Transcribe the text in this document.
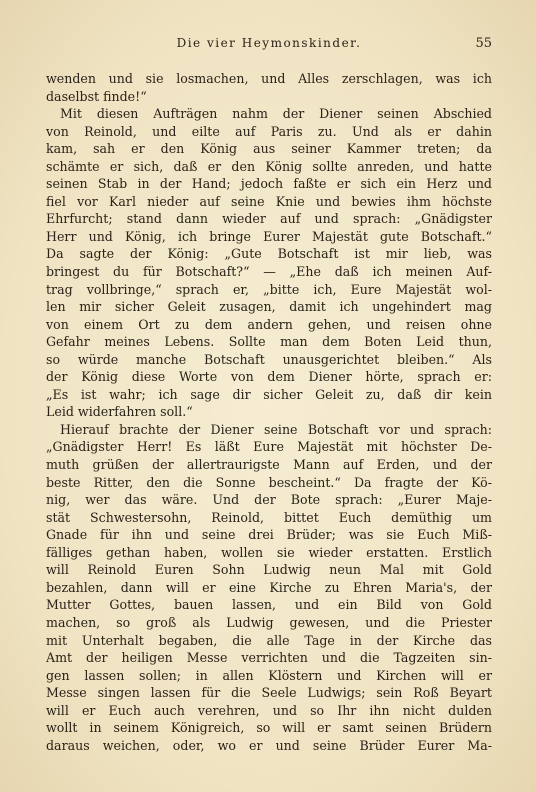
Die vier Heymonskinder.	55
wenden und sie losmachen, und Alles zerschlagen, was ich
daselbst finde!“
Mit diesen Aufträgen nahm der Diener seinen Abschied
von Reinold, und eilte auf Paris zu. Und als er dahin
kam, sah er den König aus seiner Kammer treten; da
schämte er sich, daß er den König sollte anreden, und hatte
seinen Stab in der Hand; jedoch faßte er sich ein Herz und
fiel vor Karl nieder auf seine Knie und bewies ihm höchste
Ehrfurcht; stand dann wieder auf und sprach: „Gnädigster
Herr und König, ich bringe Eurer Majestät gute Botschaft.“
Da sagte der König: „Gute Botschaft ist mir lieb, was
bringest du für Botschaft?“ — „Ehe daß ich meinen Auf-
trag vollbringe,“ sprach er, „bitte ich, Eure Majestät wol-
len mir sicher Geleit zusagen, damit ich ungehindert mag
von einem Ort zu dem andern gehen, und reisen ohne
Gefahr meines Lebens. Sollte man dem Boten Leid thun,
so würde manche Botschaft unausgerichtet bleiben.“ Als
der König diese Worte von dem Diener hörte, sprach er:
„Es ist wahr; ich sage dir sicher Geleit zu, daß dir kein
Leid widerfahren soll.“
Hierauf brachte der Diener seine Botschaft vor und sprach:
„Gnädigster Herr! Es läßt Eure Majestät mit höchster De-
muth grüßen der allertraurigste Mann auf Erden, und der
beste Ritter, den die Sonne bescheint.“ Da fragte der Kö-
nig, wer das wäre. Und der Bote sprach: „Eurer Maje-
stät Schwestersohn, Reinold, bittet Euch demüthig um
Gnade für ihn und seine drei Brüder; was sie Euch Miß-
fälliges gethan haben, wollen sie wieder erstatten. Erstlich
will Reinold Euren Sohn Ludwig neun Mal mit Gold
bezahlen, dann will er eine Kirche zu Ehren Maria's, der
Mutter Gottes, bauen lassen, und ein Bild von Gold
machen, so groß als Ludwig gewesen, und die Priester
mit Unterhalt begaben, die alle Tage in der Kirche das
Amt der heiligen Messe verrichten und die Tagzeiten sin-
gen lassen sollen; in allen Klöstern und Kirchen will er
Messe singen lassen für die Seele Ludwigs; sein Roß Beyart
will er Euch auch verehren, und so Ihr ihn nicht dulden
wollt in seinem Königreich, so will er samt seinen Brüdern
daraus weichen, oder, wo er und seine Brüder Eurer Ma-
